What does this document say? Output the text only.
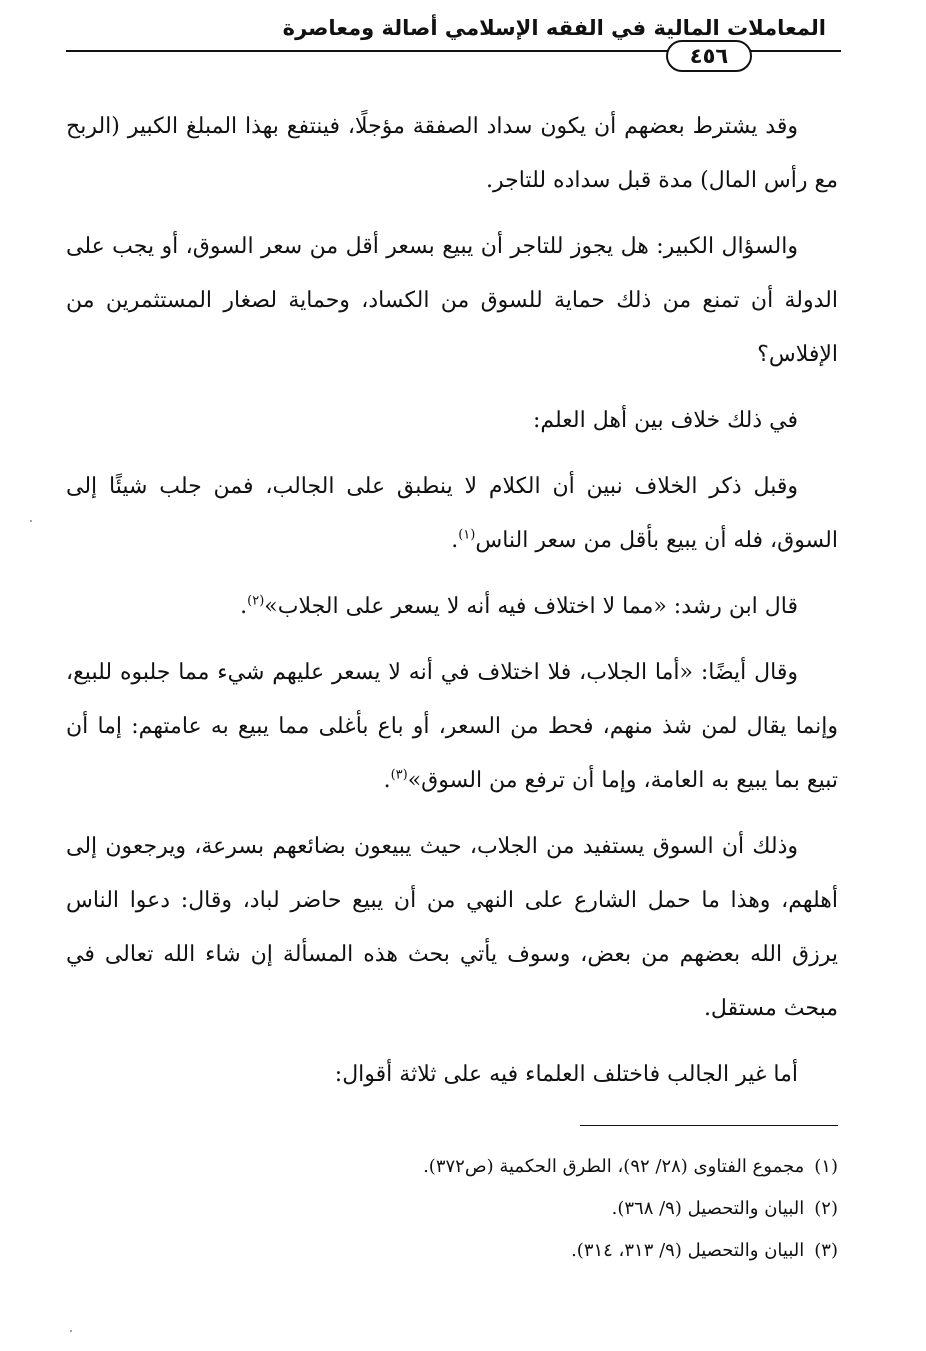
المعاملات المالية في الفقه الإسلامي أصالة ومعاصرة
٤٥٦

وقد يشترط بعضهم أن يكون سداد الصفقة مؤجلًا، فينتفع بهذا المبلغ الكبير (الربح مع رأس المال) مدة قبل سداده للتاجر.

والسؤال الكبير: هل يجوز للتاجر أن يبيع بسعر أقل من سعر السوق، أو يجب على الدولة أن تمنع من ذلك حماية للسوق من الكساد، وحماية لصغار المستثمرين من الإفلاس؟

في ذلك خلاف بين أهل العلم:

وقبل ذكر الخلاف نبين أن الكلام لا ينطبق على الجالب، فمن جلب شيئًا إلى السوق، فله أن يبيع بأقل من سعر الناس$^{(١)}$.

قال ابن رشد: «مما لا اختلاف فيه أنه لا يسعر على الجلاب»$^{(٢)}$.

وقال أيضًا: «أما الجلاب، فلا اختلاف في أنه لا يسعر عليهم شيء مما جلبوه للبيع، وإنما يقال لمن شذ منهم، فحط من السعر، أو باع بأغلى مما يبيع به عامتهم: إما أن تبيع بما يبيع به العامة، وإما أن ترفع من السوق»$^{(٣)}$.

وذلك أن السوق يستفيد من الجلاب، حيث يبيعون بضائعهم بسرعة، ويرجعون إلى أهلهم، وهذا ما حمل الشارع على النهي من أن يبيع حاضر لباد، وقال: دعوا الناس يرزق الله بعضهم من بعض، وسوف يأتي بحث هذه المسألة إن شاء الله تعالى في مبحث مستقل.

أما غير الجالب فاختلف العلماء فيه على ثلاثة أقوال:

(١)مجموع الفتاوى (٢٨/ ٩٢)، الطرق الحكمية (ص٣٧٢).

(٢)البيان والتحصيل (٩/ ٣٦٨).

(٣)البيان والتحصيل (٩/ ٣١٣، ٣١٤).
